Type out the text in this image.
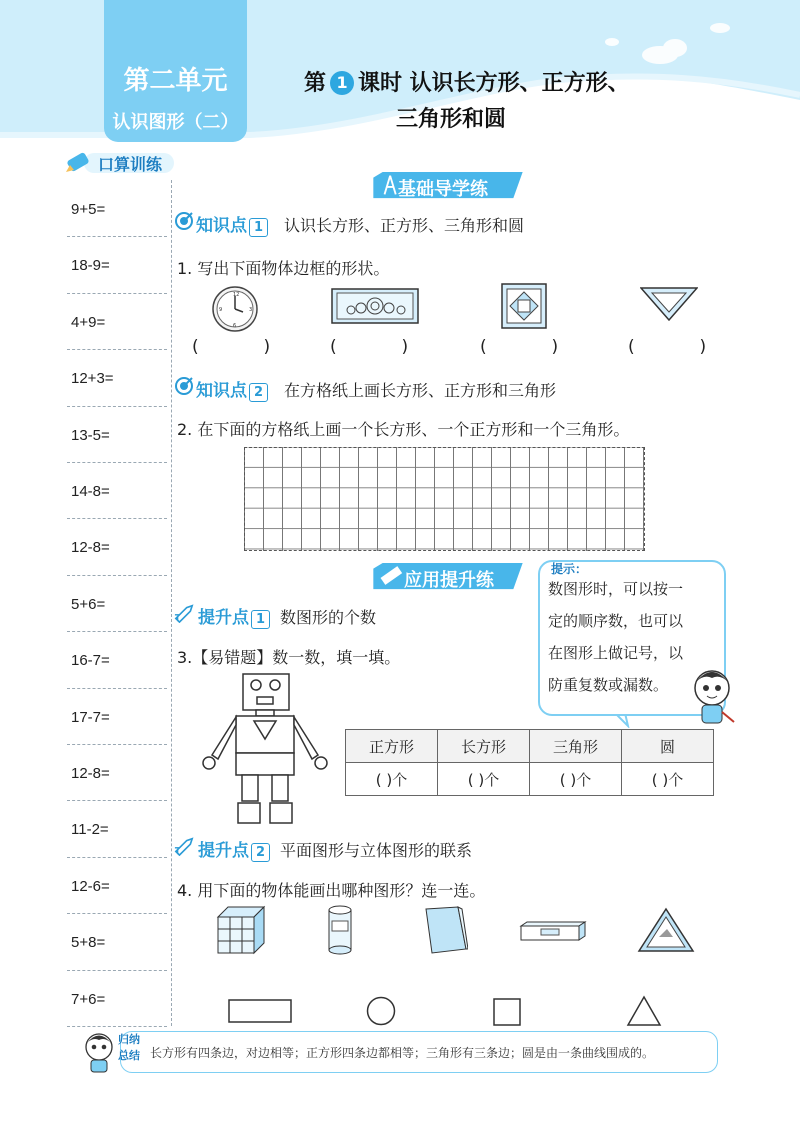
第二单元
认识图形（二）
第 1 课时 认识长方形、正方形、
三角形和圆
口算训练
9+5=
18-9=
4+9=
12+3=
13-5=
14-8=
12-8=
5+6=
16-7=
17-7=
12-8=
11-2=
12-6=
5+8=
7+6=
基础导学练
知识点 1	认识长方形、正方形、三角形和圆
1. 写出下面物体边框的形状。
12
3
6
9
(            )	(            )	(            )	(            )
知识点 2	在方格纸上画长方形、正方形和三角形
2. 在下面的方格纸上画一个长方形、一个正方形和一个三角形。
应用提升练
提升点 1 数图形的个数
3.【易错题】数一数，填一填。
正方形	长方形	三角形	圆
( )个	( )个	( )个	( )个
提示：
数图形时，可以按一
定的顺序数，也可以
在图形上做记号，以
防重复数或漏数。
提升点 2 平面图形与立体图形的联系
4. 用下面的物体能画出哪种图形？连一连。
归纳
总结 长方形有四条边，对边相等；正方形四条边都相等；三角形有三条边；圆是由一条曲线围成的。
